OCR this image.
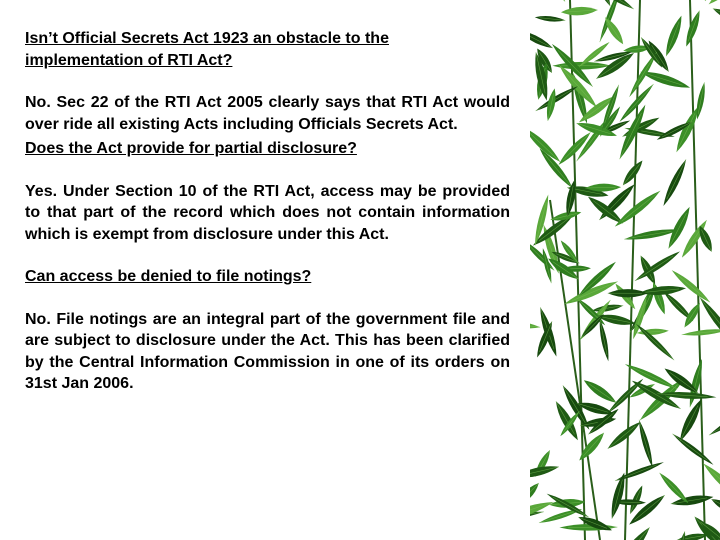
Isn’t Official Secrets Act 1923 an obstacle to the implementation of RTI Act?

No. Sec 22 of the RTI Act 2005 clearly says that RTI Act would over ride all existing Acts including Officials Secrets Act.

Does the Act provide for partial disclosure?

Yes. Under Section 10 of the RTI Act, access may be provided to that part of the record which does not contain information which is exempt from disclosure under this Act.

Can access be denied to file notings?

No. File notings are an integral part of the government file and are subject to disclosure under the Act. This has been clarified by the Central Information Commission in one of its orders on 31st Jan 2006.
